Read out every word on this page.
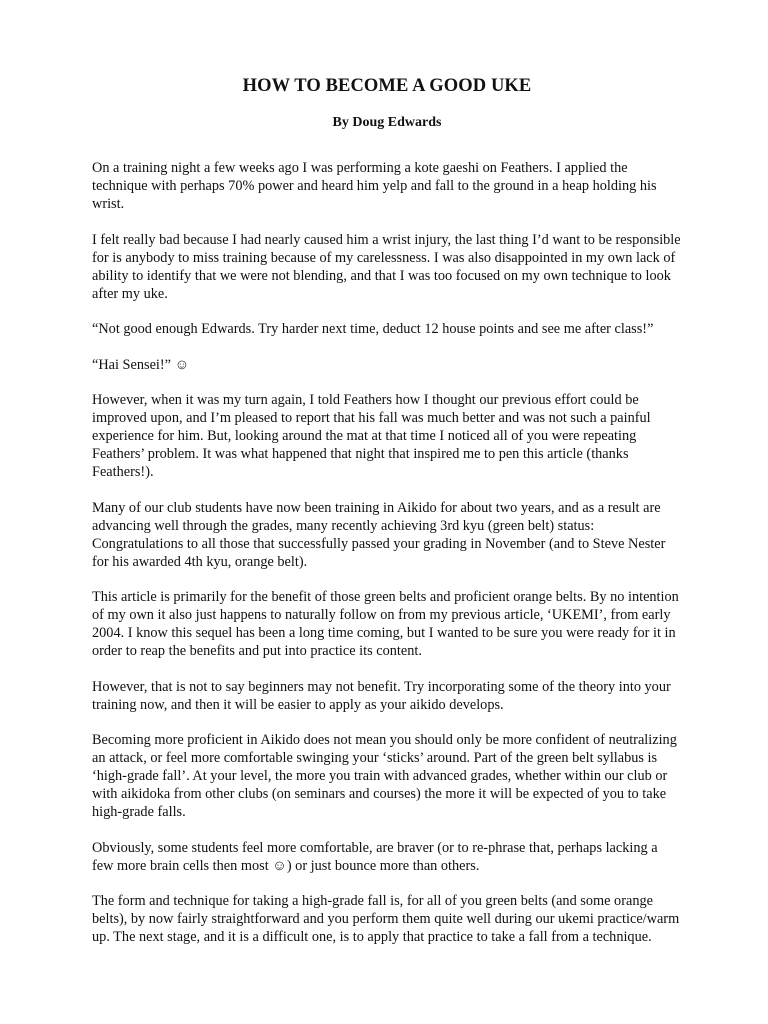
HOW TO BECOME A GOOD UKE
By Doug Edwards

On a training night a few weeks ago I was performing a kote gaeshi on Feathers. I applied the technique with perhaps 70% power and heard him yelp and fall to the ground in a heap holding his wrist.

I felt really bad because I had nearly caused him a wrist injury, the last thing I’d want to be responsible for is anybody to miss training because of my carelessness. I was also disappointed in my own lack of ability to identify that we were not blending, and that I was too focused on my own technique to look after my uke.

“Not good enough Edwards. Try harder next time, deduct 12 house points and see me after class!”

“Hai Sensei!” ☺

However, when it was my turn again, I told Feathers how I thought our previous effort could be improved upon, and I’m pleased to report that his fall was much better and was not such a painful experience for him. But, looking around the mat at that time I noticed all of you were repeating Feathers’ problem. It was what happened that night that inspired me to pen this article (thanks Feathers!).

Many of our club students have now been training in Aikido for about two years, and as a result are advancing well through the grades, many recently achieving 3rd kyu (green belt) status: Congratulations to all those that successfully passed your grading in November (and to Steve Nester for his awarded 4th kyu, orange belt).

This article is primarily for the benefit of those green belts and proficient orange belts. By no intention of my own it also just happens to naturally follow on from my previous article, ‘UKEMI’, from early 2004. I know this sequel has been a long time coming, but I wanted to be sure you were ready for it in order to reap the benefits and put into practice its content.

However, that is not to say beginners may not benefit. Try incorporating some of the theory into your training now, and then it will be easier to apply as your aikido develops.

Becoming more proficient in Aikido does not mean you should only be more confident of neutralizing an attack, or feel more comfortable swinging your ‘sticks’ around. Part of the green belt syllabus is ‘high-grade fall’. At your level, the more you train with advanced grades, whether within our club or with aikidoka from other clubs (on seminars and courses) the more it will be expected of you to take high-grade falls.

Obviously, some students feel more comfortable, are braver (or to re-phrase that, perhaps lacking a few more brain cells then most ☺) or just bounce more than others.

The form and technique for taking a high-grade fall is, for all of you green belts (and some orange belts), by now fairly straightforward and you perform them quite well during our ukemi practice/warm up. The next stage, and it is a difficult one, is to apply that practice to take a fall from a technique.
